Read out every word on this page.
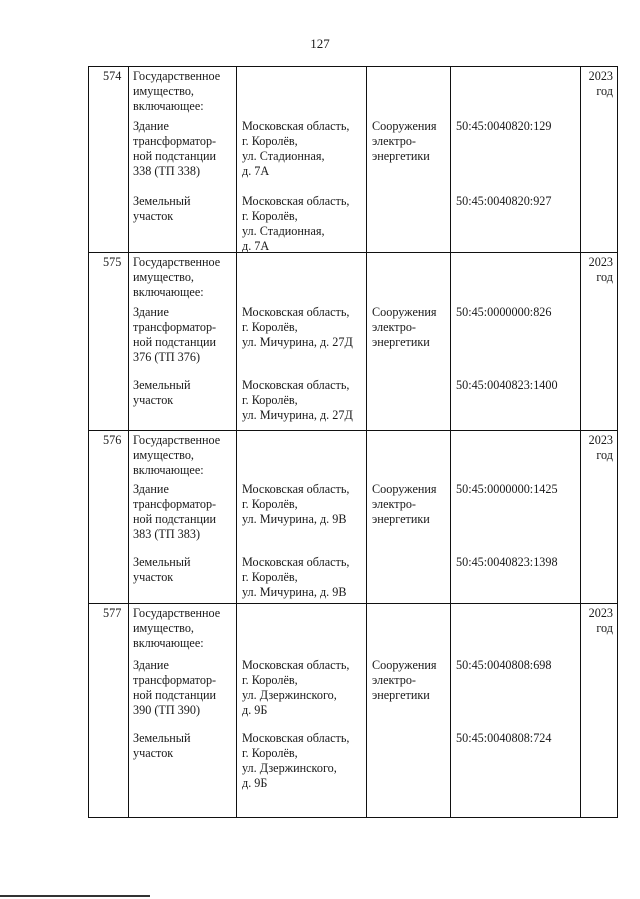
127
574 Государственное
имущество,
включающее:
2023
год
Здание
трансформатор-
ной подстанции
338 (ТП 338)
Московская область,
г. Королёв,
ул. Стадионная,
д. 7А
Сооружения
электро-
энергетики
50:45:0040820:129
Земельный
участок
Московская область,
г. Королёв,
ул. Стадионная,
д. 7А
50:45:0040820:927
575 Государственное
имущество,
включающее:
2023
год
Здание
трансформатор-
ной подстанции
376 (ТП 376)
Московская область,
г. Королёв,
ул. Мичурина, д. 27Д
Сооружения
электро-
энергетики
50:45:0000000:826
Земельный
участок
Московская область,
г. Королёв,
ул. Мичурина, д. 27Д
50:45:0040823:1400
576 Государственное
имущество,
включающее:
2023
год
Здание
трансформатор-
ной подстанции
383 (ТП 383)
Московская область,
г. Королёв,
ул. Мичурина, д. 9В
Сооружения
электро-
энергетики
50:45:0000000:1425
Земельный
участок
Московская область,
г. Королёв,
ул. Мичурина, д. 9В
50:45:0040823:1398
577 Государственное
имущество,
включающее:
2023
год
Здание
трансформатор-
ной подстанции
390 (ТП 390)
Московская область,
г. Королёв,
ул. Дзержинского,
д. 9Б
Сооружения
электро-
энергетики
50:45:0040808:698
Земельный
участок
Московская область,
г. Королёв,
ул. Дзержинского,
д. 9Б
50:45:0040808:724
